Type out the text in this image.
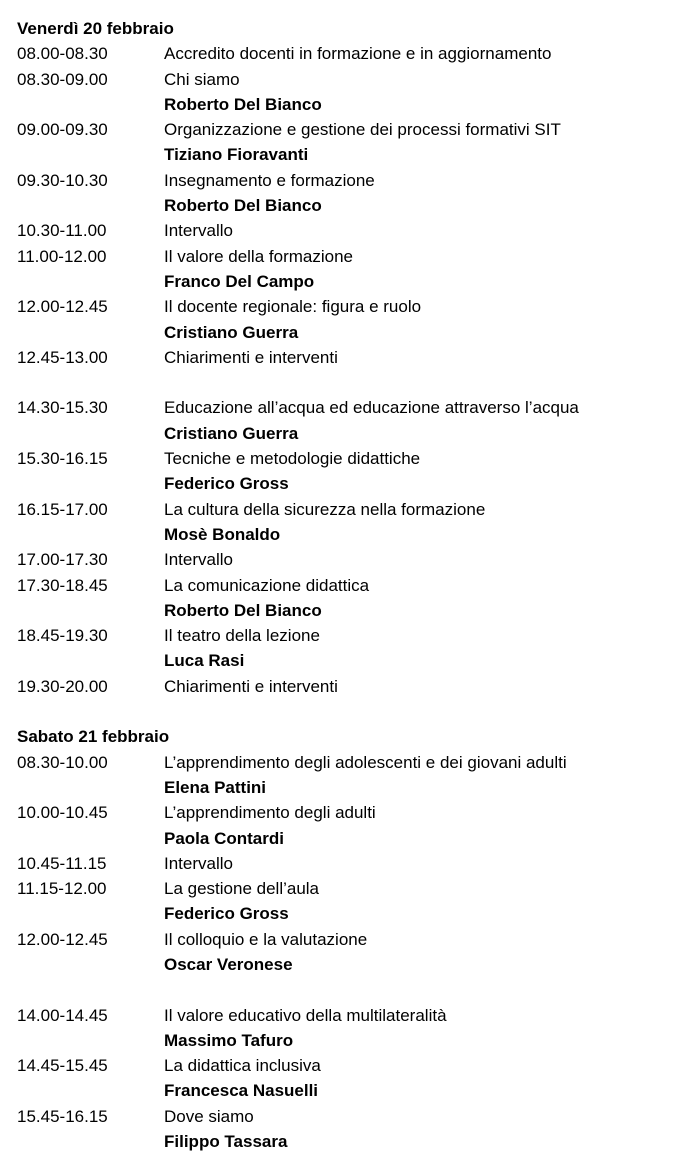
Venerdì 20 febbraio
08.00-08.30	Accredito docenti in formazione e in aggiornamento
08.30-09.00	Chi siamo
Roberto Del Bianco
09.00-09.30	Organizzazione e gestione dei processi formativi SIT
Tiziano Fioravanti
09.30-10.30	Insegnamento e formazione
Roberto Del Bianco
10.30-11.00	Intervallo
11.00-12.00	Il valore della formazione
Franco Del Campo
12.00-12.45	Il docente regionale: figura e ruolo
Cristiano Guerra
12.45-13.00	Chiarimenti e interventi
14.30-15.30	Educazione all’acqua ed educazione attraverso l’acqua
Cristiano Guerra
15.30-16.15	Tecniche e metodologie didattiche
Federico Gross
16.15-17.00	La cultura della sicurezza nella formazione
Mosè Bonaldo
17.00-17.30	Intervallo
17.30-18.45	La comunicazione didattica
Roberto Del Bianco
18.45-19.30	Il teatro della lezione
Luca Rasi
19.30-20.00	Chiarimenti e interventi
Sabato 21 febbraio
08.30-10.00	L’apprendimento degli adolescenti e dei giovani adulti
Elena Pattini
10.00-10.45	L’apprendimento degli adulti
Paola Contardi
10.45-11.15	Intervallo
11.15-12.00	La gestione dell’aula
Federico Gross
12.00-12.45	Il colloquio e la valutazione
Oscar Veronese
14.00-14.45	Il valore educativo della multilateralità
Massimo Tafuro
14.45-15.45	La didattica inclusiva
Francesca Nasuelli
15.45-16.15	Dove siamo
Filippo Tassara
